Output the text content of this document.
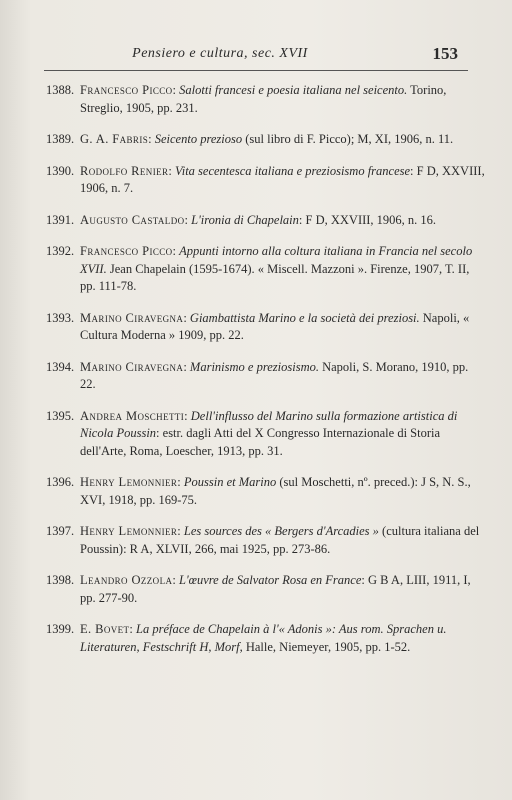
Pensiero e cultura, sec. XVII	153
1388. Francesco Picco: Salotti francesi e poesia italiana nel seicento. Torino, Streglio, 1905, pp. 231.
1389. G. A. Fabris: Seicento prezioso (sul libro di F. Picco); M, XI, 1906, n. 11.
1390. Rodolfo Renier: Vita secentesca italiana e preziosismo francese: F D, XXVIII, 1906, n. 7.
1391. Augusto Castaldo: L'ironia di Chapelain: F D, XXVIII, 1906, n. 16.
1392. Francesco Picco: Appunti intorno alla coltura italiana in Francia nel secolo XVII. Jean Chapelain (1595-1674). « Miscell. Mazzoni ». Firenze, 1907, T. II, pp. 111-78.
1393. Marino Ciravegna: Giambattista Marino e la società dei preziosi. Napoli, « Cultura Moderna » 1909, pp. 22.
1394. Marino Ciravegna: Marinismo e preziosismo. Napoli, S. Morano, 1910, pp. 22.
1395. Andrea Moschetti: Dell'influsso del Marino sulla formazione artistica di Nicola Poussin: estr. dagli Atti del X Congresso Internazionale di Storia dell'Arte, Roma, Loescher, 1913, pp. 31.
1396. Henry Lemonnier: Poussin et Marino (sul Moschetti, nº. preced.): J S, N. S., XVI, 1918, pp. 169-75.
1397. Henry Lemonnier: Les sources des « Bergers d'Arcadies » (cultura italiana del Poussin): R A, XLVII, 266, mai 1925, pp. 273-86.
1398. Leandro Ozzola: L'œuvre de Salvator Rosa en France: G B A, LIII, 1911, I, pp. 277-90.
1399. E. Bovet: La préface de Chapelain à l'« Adonis »: Aus rom. Sprachen u. Literaturen, Festschrift H, Morf, Halle, Niemeyer, 1905, pp. 1-52.
